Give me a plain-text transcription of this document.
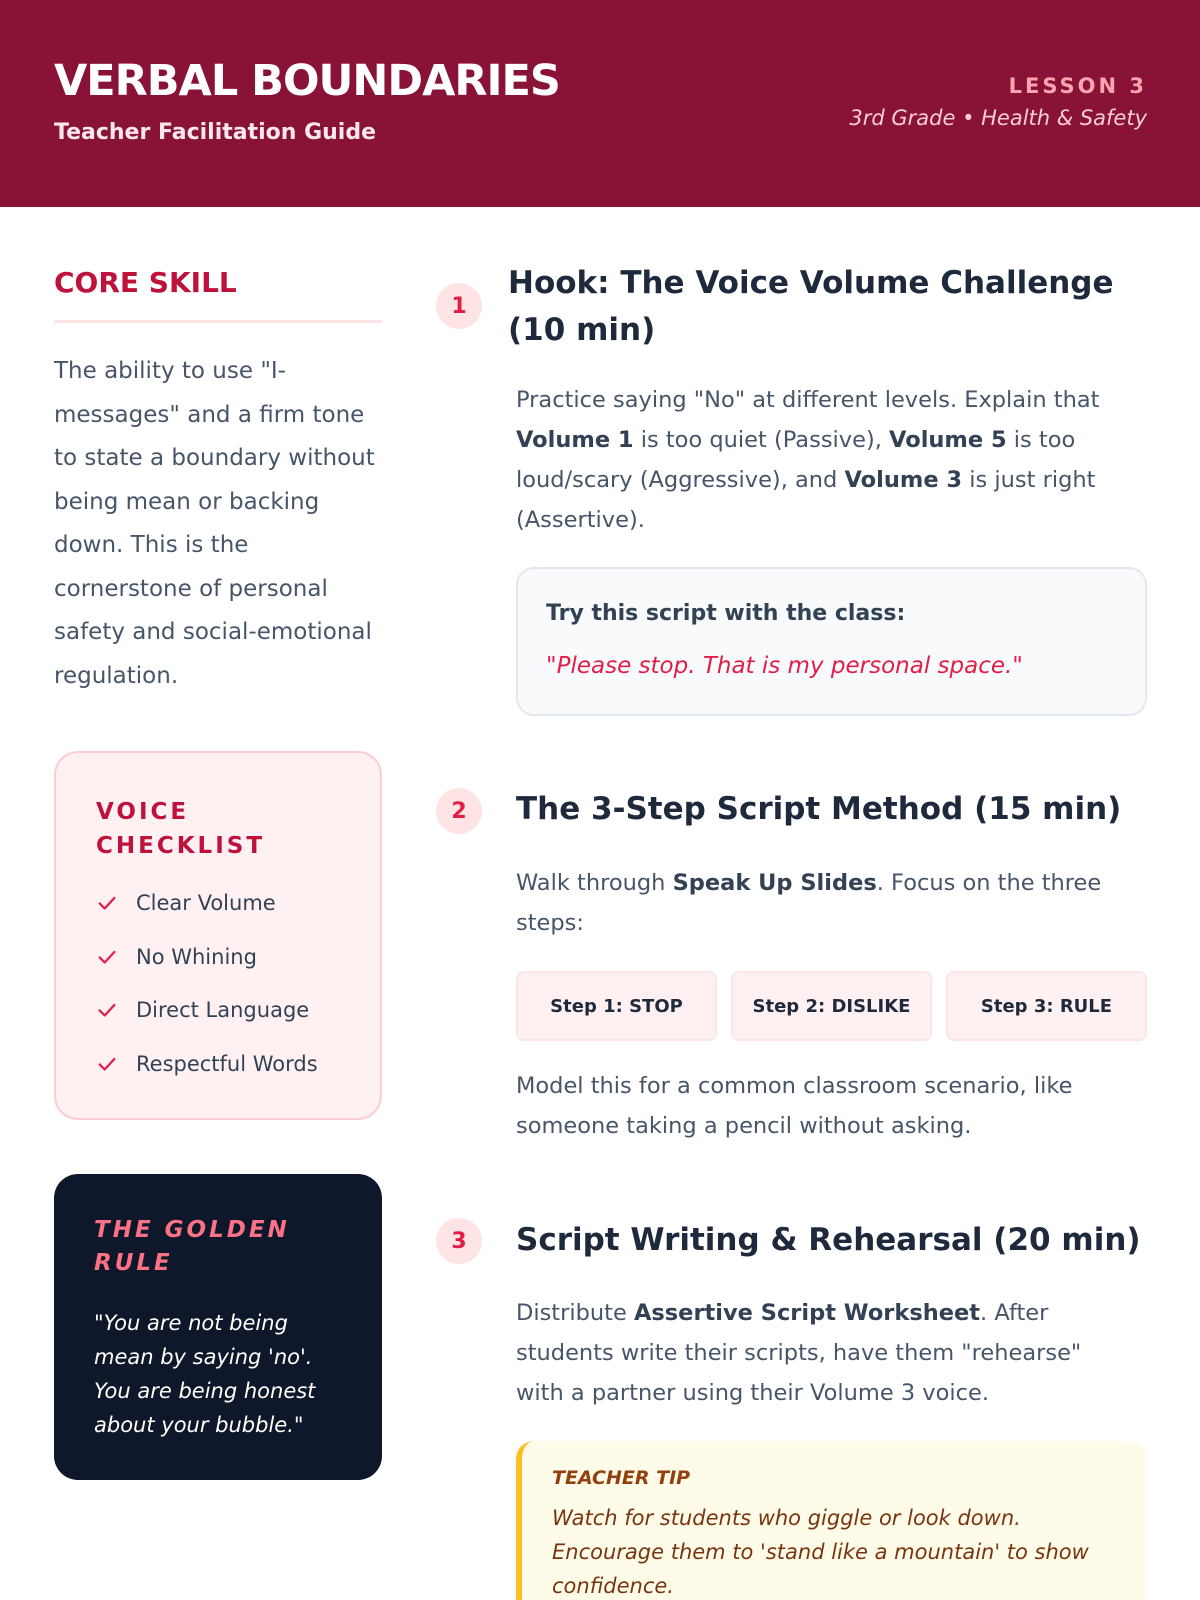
VERBAL BOUNDARIES
Teacher Facilitation Guide
LESSON 3
3rd Grade • Health & Safety
CORE SKILL
The ability to use "I-messages" and a firm tone to state a boundary without being mean or backing down. This is the cornerstone of personal safety and social-emotional regulation.
VOICE CHECKLIST
Clear Volume
No Whining
Direct Language
Respectful Words
THE GOLDEN RULE
"You are not being mean by saying 'no'. You are being honest about your bubble."
1
Hook: The Voice Volume Challenge (10 min)
Practice saying "No" at different levels. Explain that Volume 1 is too quiet (Passive), Volume 5 is too loud/scary (Aggressive), and Volume 3 is just right (Assertive).
Try this script with the class:
"Please stop. That is my personal space."
2	The 3-Step Script Method (15 min)
Walk through Speak Up Slides. Focus on the three steps:
Step 1: STOP	Step 2: DISLIKE	Step 3: RULE
Model this for a common classroom scenario, like someone taking a pencil without asking.
3	Script Writing & Rehearsal (20 min)
Distribute Assertive Script Worksheet. After students write their scripts, have them "rehearse" with a partner using their Volume 3 voice.
TEACHER TIP
Watch for students who giggle or look down. Encourage them to 'stand like a mountain' to show confidence.
